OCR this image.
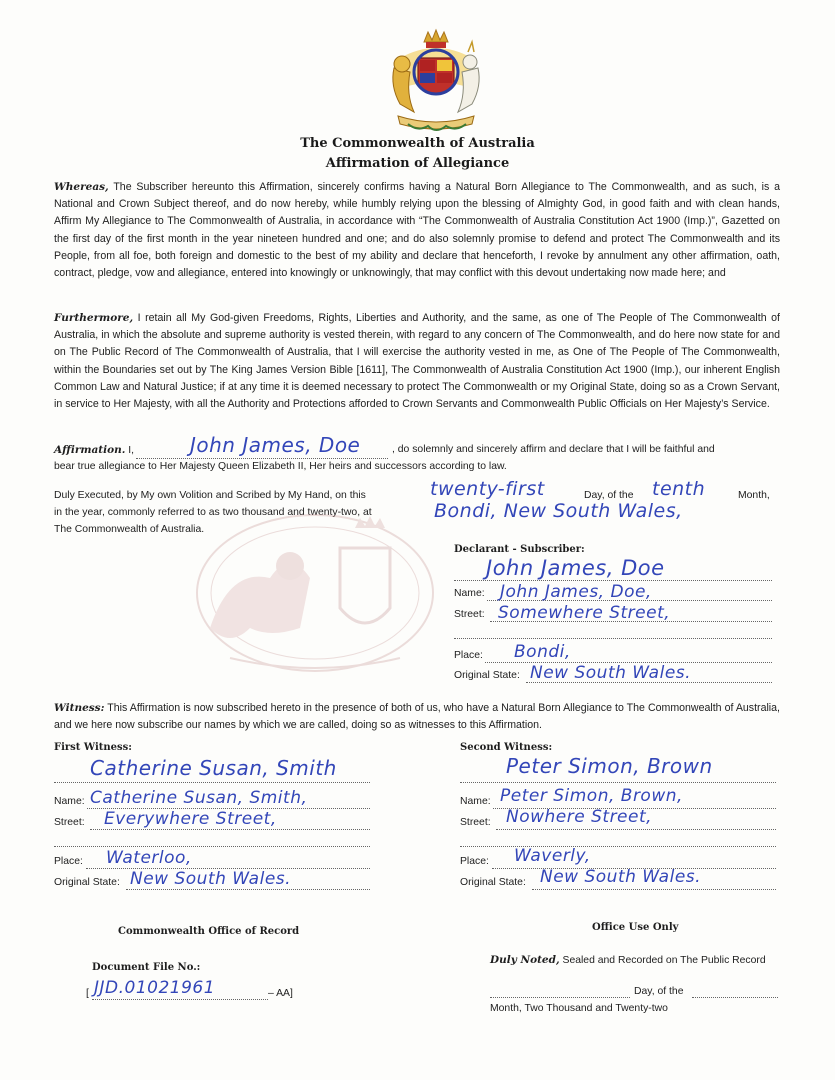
The Commonwealth of Australia
Affirmation of Allegiance
Whereas, The Subscriber hereunto this Affirmation, sincerely confirms having a Natural Born Allegiance to The Commonwealth, and as such, is a National and Crown Subject thereof, and do now hereby, while humbly relying upon the blessing of Almighty God, in good faith and with clean hands, Affirm My Allegiance to The Commonwealth of Australia, in accordance with “The Commonwealth of Australia Constitution Act 1900 (Imp.)”, Gazetted on the first day of the first month in the year nineteen hundred and one; and do also solemnly promise to defend and protect The Commonwealth and its People, from all foe, both foreign and domestic to the best of my ability and declare that henceforth, I revoke by annulment any other affirmation, oath, contract, pledge, vow and allegiance, entered into knowingly or unknowingly, that may conflict with this devout undertaking now made here; and
Furthermore, I retain all My God-given Freedoms, Rights, Liberties and Authority, and the same, as one of The People of The Commonwealth of Australia, in which the absolute and supreme authority is vested therein, with regard to any concern of The Commonwealth, and do here now state for and on The Public Record of The Commonwealth of Australia, that I will exercise the authority vested in me, as One of The People of The Commonwealth, within the Boundaries set out by The King James Version Bible [1611], The Commonwealth of Australia Constitution Act 1900 (Imp.), our inherent English Common Law and Natural Justice; if at any time it is deemed necessary to protect The Commonwealth or my Original State, doing so as a Crown Servant, in service to Her Majesty, with all the Authority and Protections afforded to Crown Servants and Commonwealth Public Officials on Her Majesty’s Service.
Affirmation. I,	John James, Doe	, do solemnly and sincerely affirm and declare that I will be faithful and
bear true allegiance to Her Majesty Queen Elizabeth II, Her heirs and successors according to law.
Duly Executed, by My own Volition and Scribed by My Hand, on this
in the year, commonly referred to as two thousand and twenty-two, at
The Commonwealth of Australia.
twenty-first	Day, of the tenth	Month,
Bondi, New South Wales,
Declarant - Subscriber:
John James, Doe
Name: John James, Doe,
Street: Somewhere Street,
Place: Bondi,
Original State: New South Wales.
Witness: This Affirmation is now subscribed hereto in the presence of both of us, who have a Natural Born Allegiance to The Commonwealth of Australia, and we here now subscribe our names by which we are called, doing so as witnesses to this Affirmation.
First Witness:
Catherine Susan, Smith
Name: Catherine Susan, Smith,
Street: Everywhere Street,
Place: Waterloo,
Original State: New South Wales.
Second Witness:
Peter Simon, Brown
Name: Peter Simon, Brown,
Street: Nowhere Street,
Place: Waverly,
Original State: New South Wales.
Commonwealth Office of Record
Document File No.:
[ JJD.01021961	– AA]
Office Use Only
Duly Noted, Sealed and Recorded on The Public Record
Day, of the
Month, Two Thousand and Twenty-two
